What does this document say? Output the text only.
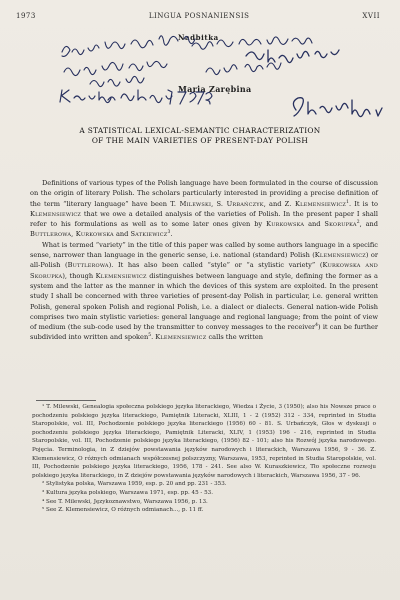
1973	LINGUA POSNANIENSIS	XVII
Nadbitka
Maria Zarębina
A STATISTICAL LEXICAL-SEMANTIC CHARACTERIZATION
OF THE MAIN VARIETIES OF PRESENT-DAY POLISH

Definitions of various types of the Polish language have been formulated in the course of discussion on the origin of literary Polish. The scholars particularly interested in providing a precise definition of the term “literary language” have been T. Milewski, S. Urbańczyk, and Z. Klemensiewicz$^1$. It is to Klemensiewicz that we owe a detailed analysis of the varieties of Polish. In the present paper I shall refer to his formulations as well as to some later ones given by Kurkowska and Skorupka$^2$, and Buttlerowa, Kurkowska and Satkiewicz$^3$.

What is termed “variety” in the title of this paper was called by some authors language in a specific sense, narrower than language in the generic sense, i.e. national (standard) Polish (Klemensiewicz) or all-Polish (Buttlerowa). It has also been called “style” or “a stylistic variety” (Kurkowska and Skorupka), though Klemensiewicz distinguishes between language and style, defining the former as a system and the latter as the manner in which the devices of this system are exploited. In the present study I shall be concerned with three varieties of present-day Polish in particular, i.e. general written Polish, general spoken Polish and regional Polish, i.e. a dialect or dialects. General nation-wide Polish comprises two main stylistic varieties: general language and regional language; from the point of view of medium (the sub-code used by the transmitter to convey messages to the receiver$^4$) it can be further subdivided into written and spoken$^5$. Klemensiewicz calls the written

¹ T. Milewski, Genealogia społeczna polskiego języka literackiego, Wiedza i Życie, 3 (1950); also his Nowsze prace o pochodzeniu polskiego języka literackiego, Pamiętnik Literacki, XLIII, 1 - 2 (1952) 312 - 334, reprinted in Studia Staropolskie, vol. III, Pochodzenie polskiego języka literackiego (1956) 60 - 81. S. Urbańczyk, Głos w dyskusji o pochodzeniu polskiego języka literackiego, Pamiętnik Literacki, XLIV, 1 (1953) 196 - 216, reprinted in Studia Staropolskie, vol. III, Pochodzenie polskiego języka literackiego, (1956) 82 - 101; also his Rozwój języka narodowego. Pojęcia. Terminologia, in Z dziejów powstawania języków narodowych i literackich, Warszawa 1956, 9 - 36. Z. Klemensiewicz, O różnych odmianach współczesnej polszczyzny, Warszawa, 1953, reprinted in Studia Staropolskie, vol. III, Pochodzenie polskiego języka literackiego, 1956, 178 - 241. See also W. Kuraszkiewicz, Tło społeczne rozwoju polskiego języka literackiego, in Z dziejów powstawania języków narodowych i literackich, Warszawa 1956, 37 - 96.

² Stylistyka polska, Warszawa 1959, esp. p. 20 and pp. 231 - 353.

³ Kultura języka polskiego, Warszawa 1971, esp. pp. 45 - 53.

⁴ See T. Milewski, Językoznawstwo, Warszawa 1956, p. 13.

⁵ See Z. Klemensiewicz, O różnych odmianach..., p. 11 ff.
